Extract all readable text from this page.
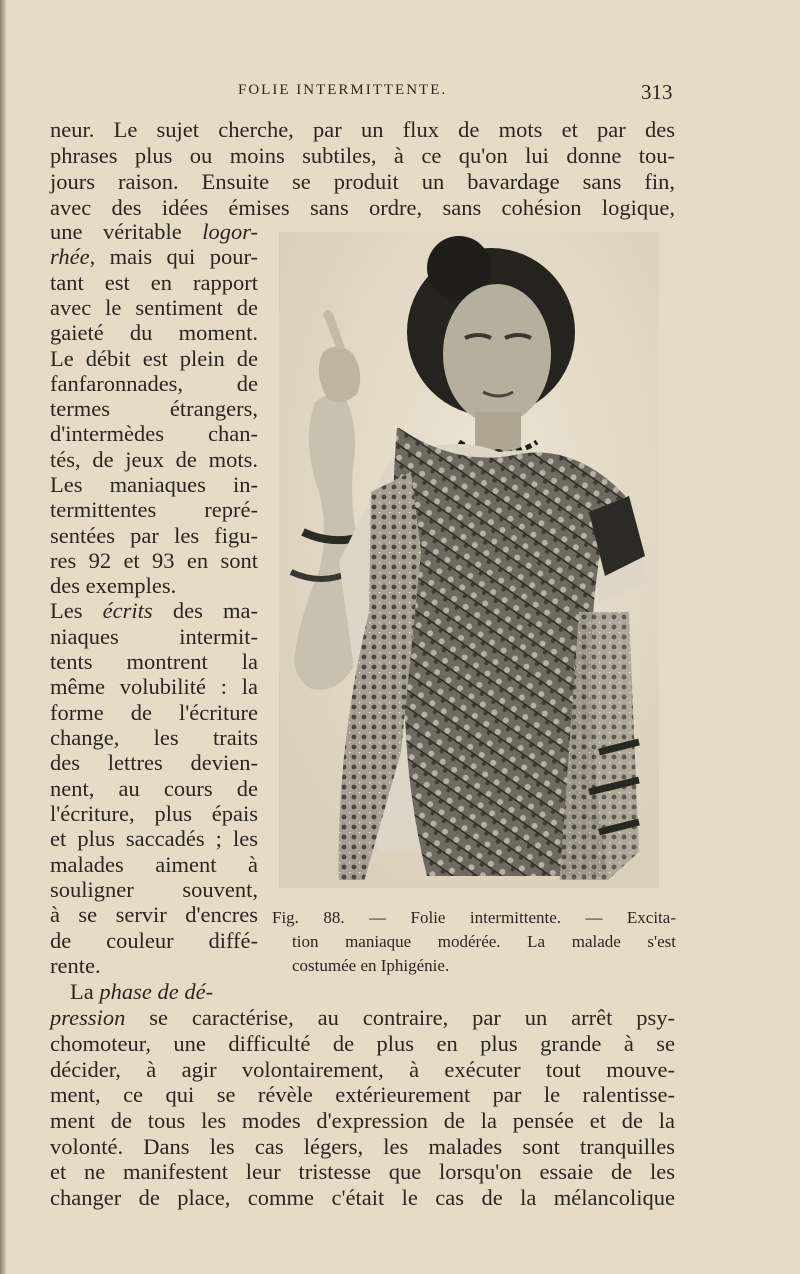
FOLIE INTERMITTENTE.	313
neur. Le sujet cherche, par un flux de mots et par des
phrases plus ou moins subtiles, à ce qu'on lui donne tou-
jours raison. Ensuite se produit un bavardage sans fin,
avec des idées émises sans ordre, sans cohésion logique,
une véritable logor-
rhée, mais qui pour-
tant est en rapport
avec le sentiment de
gaieté du moment.
Le débit est plein de
fanfaronnades, de
termes étrangers,
d'intermèdes chan-
tés, de jeux de mots.
Les maniaques in-
termittentes repré-
sentées par les figu-
res 92 et 93 en sont
des exemples.
Les écrits des ma-
niaques intermit-
tents montrent la
même volubilité : la
forme de l'écriture
change, les traits
des lettres devien-
nent, au cours de
l'écriture, plus épais
et plus saccadés ; les
malades aiment à
souligner souvent,
à se servir d'encres
de couleur diffé-
rente.
Fig. 88. — Folie intermittente. — Excita-
tion maniaque modérée. La malade s'est
costumée en Iphigénie.
La phase de dé-
pression se caractérise, au contraire, par un arrêt psy-
chomoteur, une difficulté de plus en plus grande à se
décider, à agir volontairement, à exécuter tout mouve-
ment, ce qui se révèle extérieurement par le ralentisse-
ment de tous les modes d'expression de la pensée et de la
volonté. Dans les cas légers, les malades sont tranquilles
et ne manifestent leur tristesse que lorsqu'on essaie de les
changer de place, comme c'était le cas de la mélancolique
